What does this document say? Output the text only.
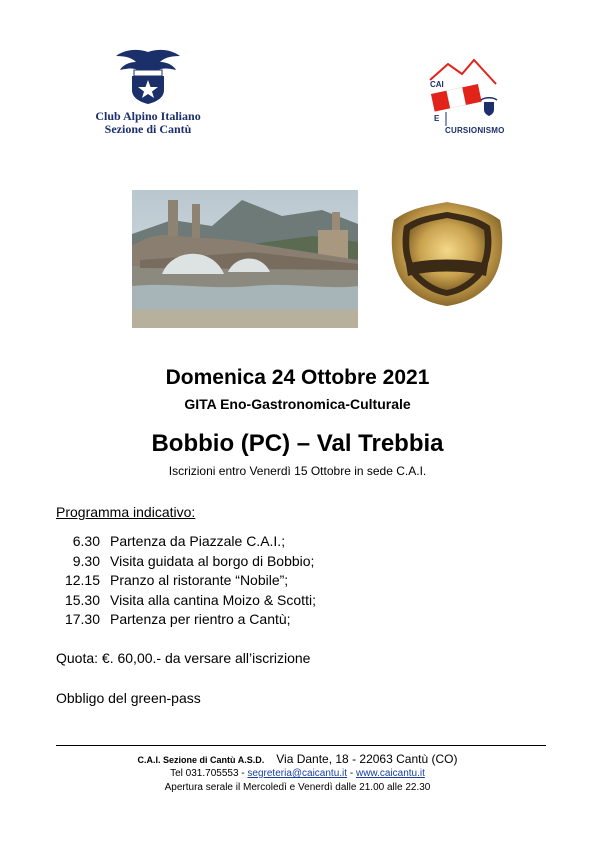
Club Alpino Italiano
Sezione di Cantù
CAI
E
CURSIONISMO
Domenica 24 Ottobre 2021
GITA Eno-Gastronomica-Culturale
Bobbio (PC) – Val Trebbia
Iscrizioni entro Venerdì 15 Ottobre in sede C.A.I.
Programma indicativo:
6.30 Partenza da Piazzale C.A.I.;
9.30 Visita guidata al borgo di Bobbio;
12.15 Pranzo al ristorante “Nobile”;
15.30 Visita alla cantina Moizo & Scotti;
17.30 Partenza per rientro a Cantù;
Quota: €. 60,00.- da versare all’iscrizione
Obbligo del green-pass
C.A.I. Sezione di Cantù A.S.D. Via Dante, 18 - 22063 Cantù (CO)
Tel 031.705553 - segreteria@caicantu.it - www.caicantu.it
Apertura serale il Mercoledì e Venerdì dalle 21.00 alle 22.30
